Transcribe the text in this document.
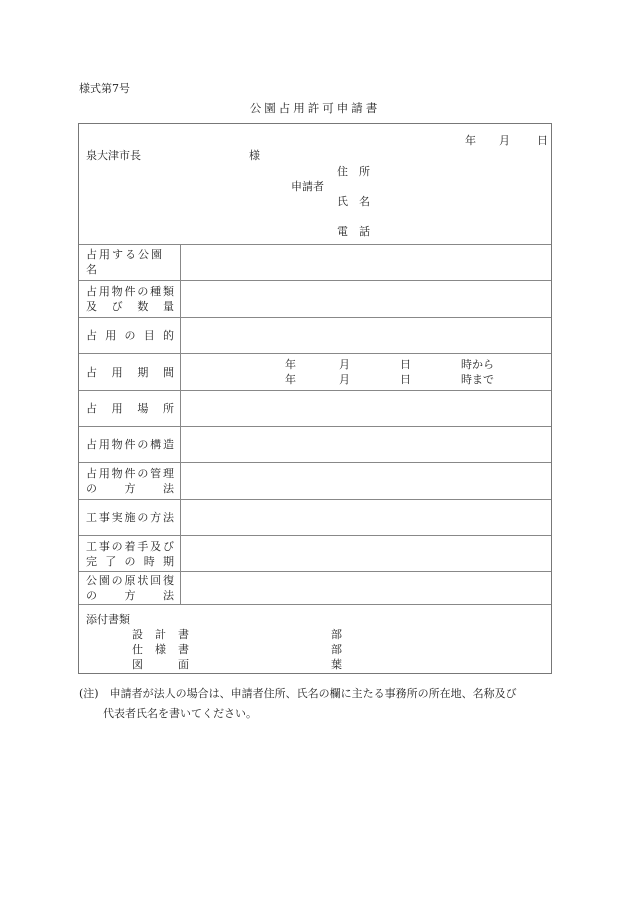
様式第7号
公園占用許可申請書
年 月 日
泉大津市長	様
申請者
住 所
氏 名
電 話
占用する公園名
占 用 物 件 の 種 類
及 び 数 量
占 用 の 目 的
占 用 期 間
年	月	日	時から
年	月	日	時まで
占 用 場 所
占 用 物 件 の 構 造
占 用 物 件 の 管 理
の	方	法
工 事 実 施 の 方 法
工 事 の 着 手 及 び
完 了 の 時 期
公 園 の 原 状 回 復
の	方	法
添付書類
設 計 書	部
仕 様 書	部
図	面	葉
(注)　申請者が法人の場合は、申請者住所、氏名の欄に主たる事務所の所在地、名称及び
代表者氏名を書いてください。
